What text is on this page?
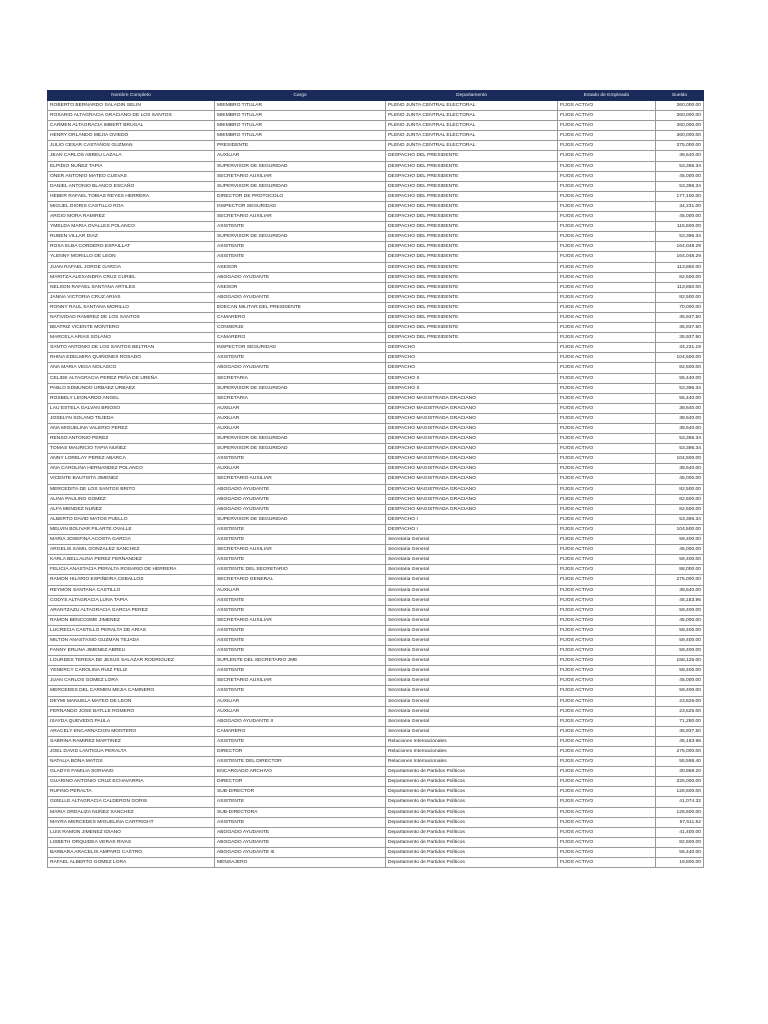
Nombre Completo	Cargo	Departamento	Estado de Empleado	Sueldo
ROBERTO BERNARDO SALADIN SELIN	MIEMBRO TITULAR	PLENO JUNTA CENTRAL ELECTORAL	FIJOS ACTIVO	360,000.00
ROSARIO ALTAGRACIA GRACIANO DE LOS SANTOS	MIEMBRO TITULAR	PLENO JUNTA CENTRAL ELECTORAL	FIJOS ACTIVO	360,000.00
CARMEN ALTAGRACIA IMBERT BRUGAL	MIEMBRO TITULAR	PLENO JUNTA CENTRAL ELECTORAL	FIJOS ACTIVO	360,000.00
HENRY ORLANDO MEJIA OVIEDO	MIEMBRO TITULAR	PLENO JUNTA CENTRAL ELECTORAL	FIJOS ACTIVO	360,000.00
JULIO CESAR CASTAÑOS GUZMAN	PRESIDENTE	PLENO JUNTA CENTRAL ELECTORAL	FIJOS ACTIVO	375,000.00
JEAN CARLOS ABREU LAZALA	AUXILIAR	DESPACHO DEL PRESIDENTE	FIJOS ACTIVO	38,640.00
ELPIDIO NUÑEZ TAPIA	SUPERVISOR DE SEGURIDAD	DESPACHO DEL PRESIDENTE	FIJOS ACTIVO	53,396.34
ONER ANTONIO MATEO CUEVAS	SECRETARIO AUXILIAR	DESPACHO DEL PRESIDENTE	FIJOS ACTIVO	45,000.00
DANIEL ANTONIO BLANCO ESCAÑO	SUPERVISOR DE SEGURIDAD	DESPACHO DEL PRESIDENTE	FIJOS ACTIVO	53,396.34
HEBER RAFAEL TOBIAS REYES HERRERA	DIRECTOR DE PROTOCOLO	DESPACHO DEL PRESIDENTE	FIJOS ACTIVO	177,100.00
MIGUEL DIORIS CASTILLO ROA	INSPECTOR SEGURIDAD	DESPACHO DEL PRESIDENTE	FIJOS ACTIVO	34,231.00
ARGIO MORA RAMIREZ	SECRETARIO AUXILIAR	DESPACHO DEL PRESIDENTE	FIJOS ACTIVO	45,000.00
YMELDA MARIA OVALLES POLANCO	ASISTENTE	DESPACHO DEL PRESIDENTE	FIJOS ACTIVO	115,500.00
RUBEN VILLAR DIAZ	SUPERVISOR DE SEGURIDAD	DESPACHO DEL PRESIDENTE	FIJOS ACTIVO	53,396.34
ROSA ELBA CORDERO ESPAILLAT	ASISTENTE	DESPACHO DEL PRESIDENTE	FIJOS ACTIVO	164,048.29
YLENNY MORILLO DE LEON	ASISTENTE	DESPACHO DEL PRESIDENTE	FIJOS ACTIVO	164,048.29
JUAN RAFAEL JORGE GARCIA	ASESOR	DESPACHO DEL PRESIDENTE	FIJOS ACTIVO	113,850.00
MARITZA ALEXANDRA CRUZ CURIEL	ABOGADO AYUDANTE	DESPACHO DEL PRESIDENTE	FIJOS ACTIVO	82,500.00
NELSON RAFAEL SANTANA ARTILES	ASESOR	DESPACHO DEL PRESIDENTE	FIJOS ACTIVO	113,850.00
JANNA VICTORIA CRUZ ARIAS	ABOGADO AYUDANTE	DESPACHO DEL PRESIDENTE	FIJOS ACTIVO	82,500.00
RONNY RAUL SANTANA MORILLO	EDECAN MILITAR DEL PRESIDENTE	DESPACHO DEL PRESIDENTE	FIJOS ACTIVO	70,000.00
NATIVIDAD RAMIREZ DE LOS SANTOS	CAMARERO	DESPACHO DEL PRESIDENTE	FIJOS ACTIVO	35,937.50
BEATRIZ VICENTE MONTERO	CONSERJE	DESPACHO DEL PRESIDENTE	FIJOS ACTIVO	35,937.50
MARCELA ARIAS SOLANO	CAMARERO	DESPACHO DEL PRESIDENTE	FIJOS ACTIVO	35,937.50
SANTO ANTONIO DE LOS SANTOS BELTRAN	INSPECTOR SEGURIDAD	DESPACHO	FIJOS ACTIVO	34,231.19
RHINA EDELMIRA QUIÑONES ROSADO	ASISTENTE	DESPACHO	FIJOS ACTIVO	104,500.00
ANA MARIA VEGA NOLASCO	ABOGADO AYUDANTE	DESPACHO	FIJOS ACTIVO	82,500.00
CELIDE ALTAGRACIA PEREZ PEÑA DE UREÑA	SECRETARIA	DESPACHO II	FIJOS ACTIVO	55,440.00
PABLO EDMUNDO URBAEZ URBAEZ	SUPERVISOR DE SEGURIDAD	DESPACHO II	FIJOS ACTIVO	53,396.34
ROSBELY LEONARDO ANGEL	SECRETARIA	DESPACHO MAGISTRADA GRACIANO	FIJOS ACTIVO	55,440.00
LAU ESTELA GALVAN BRIOSO	AUXILIAR	DESPACHO MAGISTRADA GRACIANO	FIJOS ACTIVO	38,640.00
JOSELYN SOLANO TEJEDA	AUXILIAR	DESPACHO MAGISTRADA GRACIANO	FIJOS ACTIVO	38,640.00
ANA MIGUELINA VALERIO PEREZ	AUXILIAR	DESPACHO MAGISTRADA GRACIANO	FIJOS ACTIVO	38,640.00
RENSO ANTONIO PEREZ	SUPERVISOR DE SEGURIDAD	DESPACHO MAGISTRADA GRACIANO	FIJOS ACTIVO	53,396.34
TOMAS MAURICIO TAPIA NUÑEZ	SUPERVISOR DE SEGURIDAD	DESPACHO MAGISTRADA GRACIANO	FIJOS ACTIVO	53,396.34
ANNY LORELAY PEREZ ABARCA	ASISTENTE	DESPACHO MAGISTRADA GRACIANO	FIJOS ACTIVO	104,500.00
ANA CAROLINA HERNANDEZ POLANCO	AUXILIAR	DESPACHO MAGISTRADA GRACIANO	FIJOS ACTIVO	38,640.00
VICENTE BAUTISTA JIMENEZ	SECRETARIO AUXILIAR	DESPACHO MAGISTRADA GRACIANO	FIJOS ACTIVO	45,000.00
MERCEDITA DE LOS SANTOS BRITO	ABOGADO AYUDANTE	DESPACHO MAGISTRADA GRACIANO	FIJOS ACTIVO	82,500.00
ALINA PAULINO GOMEZ	ABOGADO AYUDANTE	DESPACHO MAGISTRADA GRACIANO	FIJOS ACTIVO	82,500.00
ALFA MENDEZ NUÑEZ	ABOGADO AYUDANTE	DESPACHO MAGISTRADA GRACIANO	FIJOS ACTIVO	82,500.00
ALBERTO DAVID MATOS PUELLO	SUPERVISOR DE SEGURIDAD	DESPACHO I	FIJOS ACTIVO	53,396.34
MELVIN BOLIVAR PILARTE OVALLE	ASISTENTE	DESPACHO I	FIJOS ACTIVO	104,500.00
MARIA JOSEFINA ACOSTA GARCIA	ASISTENTE	Secretaria General	FIJOS ACTIVO	59,400.00
ARGELIS SAMIL GONZALEZ SANCHEZ	SECRETARIO AUXILIAR	Secretaria General	FIJOS ACTIVO	45,000.00
KARLA BELLALINA PEREZ FERNANDEZ	ASISTENTE	Secretaria General	FIJOS ACTIVO	59,400.00
FELICIA ANASTACIA PERALTA ROSARIO DE HERRERA	ASISTENTE DEL SECRETARIO	Secretaria General	FIJOS ACTIVO	88,000.00
RAMON HILARIO ESPIÑEIRA CEBALLOS	SECRETARIO GENERAL	Secretaria General	FIJOS ACTIVO	275,000.00
REYMON SANTANA CASTILLO	AUXILIAR	Secretaria General	FIJOS ACTIVO	38,640.00
CODYS ALTAGRACIA LUNA TAPIA	ASISTENTE	Secretaria General	FIJOS ACTIVO	45,183.96
ARANTZAZU ALTAGRACIA GARCIA PEREZ	ASISTENTE	Secretaria General	FIJOS ACTIVO	59,400.00
RAMON BENCOSME JIMENEZ	SECRETARIO AUXILIAR	Secretaria General	FIJOS ACTIVO	45,000.00
LUCRECIA CASTILLO PERALTA DE ARIAS	ASISTENTE	Secretaria General	FIJOS ACTIVO	59,400.00
MILTON ANASTASIO GUZMAN TEJADA	ASISTENTE	Secretaria General	FIJOS ACTIVO	59,400.00
FANNY ERLINA JIMENEZ ABREU	ASISTENTE	Secretaria General	FIJOS ACTIVO	59,400.00
LOURDES TERESA DE JESUS SALAZAR RODRIGUEZ	SUPLENTE DEL SECRETARIO JME	Secretaria General	FIJOS ACTIVO	158,125.00
YENERCY CAROLINA RUIZ FELIZ	ASISTENTE	Secretaria General	FIJOS ACTIVO	59,400.00
JUAN CARLOS GOMEZ LORA	SECRETARIO AUXILIAR	Secretaria General	FIJOS ACTIVO	45,000.00
MERCEDES DEL CARMEN MEJIA CAMINERO	ASISTENTE	Secretaria General	FIJOS ACTIVO	59,400.00
DEYMI MANUELA MATEO DE LEON	AUXILIAR	Secretaria General	FIJOS ACTIVO	23,625.00
FERNANDO JOSE BATLLE ROMERO	AUXILIAR	Secretaria General	FIJOS ACTIVO	23,625.00
ISAYDA QUEVEDO PAULA	ABOGADO AYUDANTE II	Secretaria General	FIJOS ACTIVO	71,280.00
ARACELY ENCARNACION MONTERO	CAMARERO	Secretaria General	FIJOS ACTIVO	35,937.50
SABRINA RAMIREZ MARTINEZ	ASISTENTE	Relaciones Internacionales	FIJOS ACTIVO	45,183.96
JOEL DAVID LANTIGUA PERALTA	DIRECTOR	Relaciones Internacionales	FIJOS ACTIVO	275,000.00
NATALIA BONA MATOS	ASISTENTE DEL DIRECTOR	Relaciones Internacionales	FIJOS ACTIVO	55,598.40
GLADYS FAMILIA SORIANO	ENCARGADO ARCHIVO	Departamento de Partidos Políticos	FIJOS ACTIVO	30,958.20
GUARINO ANTONIO CRUZ ECHAVARRIA	DIRECTOR	Departamento de Partidos Políticos	FIJOS ACTIVO	225,000.00
RUFINO PERALTA	SUB-DIRECTOR	Departamento de Partidos Políticos	FIJOS ACTIVO	126,500.00
GISELLE ALTAGRACIA CALDERON GORIS	ASISTENTE	Departamento de Partidos Políticos	FIJOS ACTIVO	41,074.32
MARIA ORDALIZA NUÑEZ SANCHEZ	SUB-DIRECTORA	Departamento de Partidos Políticos	FIJOS ACTIVO	126,500.00
MAYRA MERCEDES MIGUELINA CARTRIGHT	ASISTENTE	Departamento de Partidos Políticos	FIJOS ACTIVO	67,611.52
LUIS RAMON JIMENEZ IDIANO	ABOGADO AYUDANTE	Departamento de Partidos Políticos	FIJOS ACTIVO	41,400.00
LISBETH ORQUIDEA VERAS RIVAS	ABOGADO AYUDANTE	Departamento de Partidos Políticos	FIJOS ACTIVO	82,500.00
BARBARA ARACELIS AMPARO CASTRO	ABOGADO AYUDANTE III	Departamento de Partidos Políticos	FIJOS ACTIVO	55,440.00
RAFAEL ALBERTO GOMEZ LORA	MENSAJERO	Departamento de Partidos Políticos	FIJOS ACTIVO	19,800.00
